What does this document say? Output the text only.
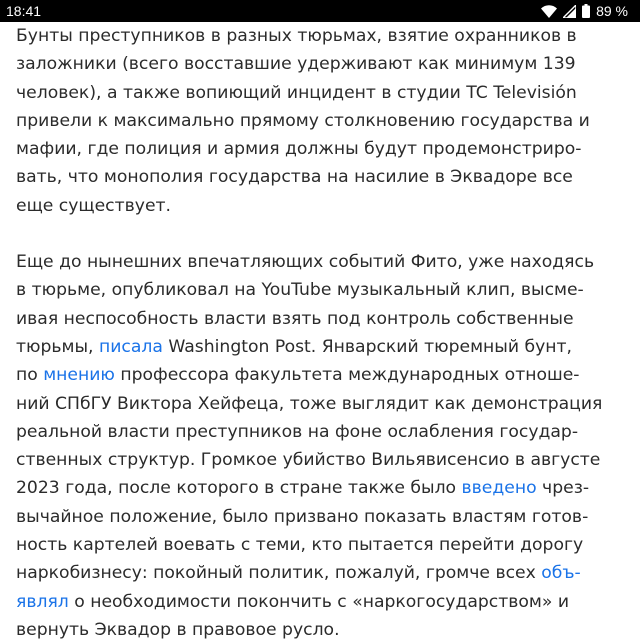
18:41	89 %

Бунты преступников в разных тюрьмах, взятие охранников в
заложники (всего восставшие удерживают как минимум 139
человек), а также вопиющий инцидент в студии TC Televisión
привели к максимально прямому столкновению государства и
мафии, где полиция и армия должны будут продемонстриро-
вать, что монополия государства на насилие в Эквадоре все
еще существует.

Еще до нынешних впечатляющих событий Фито, уже находясь
в тюрьме, опубликовал на YouTube музыкальный клип, высме-
ивая неспособность власти взять под контроль собственные
тюрьмы, писала Washington Post. Январский тюремный бунт,
по мнению профессора факультета международных отноше-
ний СПбГУ Виктора Хейфеца, тоже выглядит как демонстрация
реальной власти преступников на фоне ослабления государ-
ственных структур. Громкое убийство Вильявисенсио в августе
2023 года, после которого в стране также было введено чрез-
вычайное положение, было призвано показать властям готов-
ность картелей воевать с теми, кто пытается перейти дорогу
наркобизнесу: покойный политик, пожалуй, громче всех объ-
являл о необходимости покончить с «наркогосударством» и
вернуть Эквадор в правовое русло.
